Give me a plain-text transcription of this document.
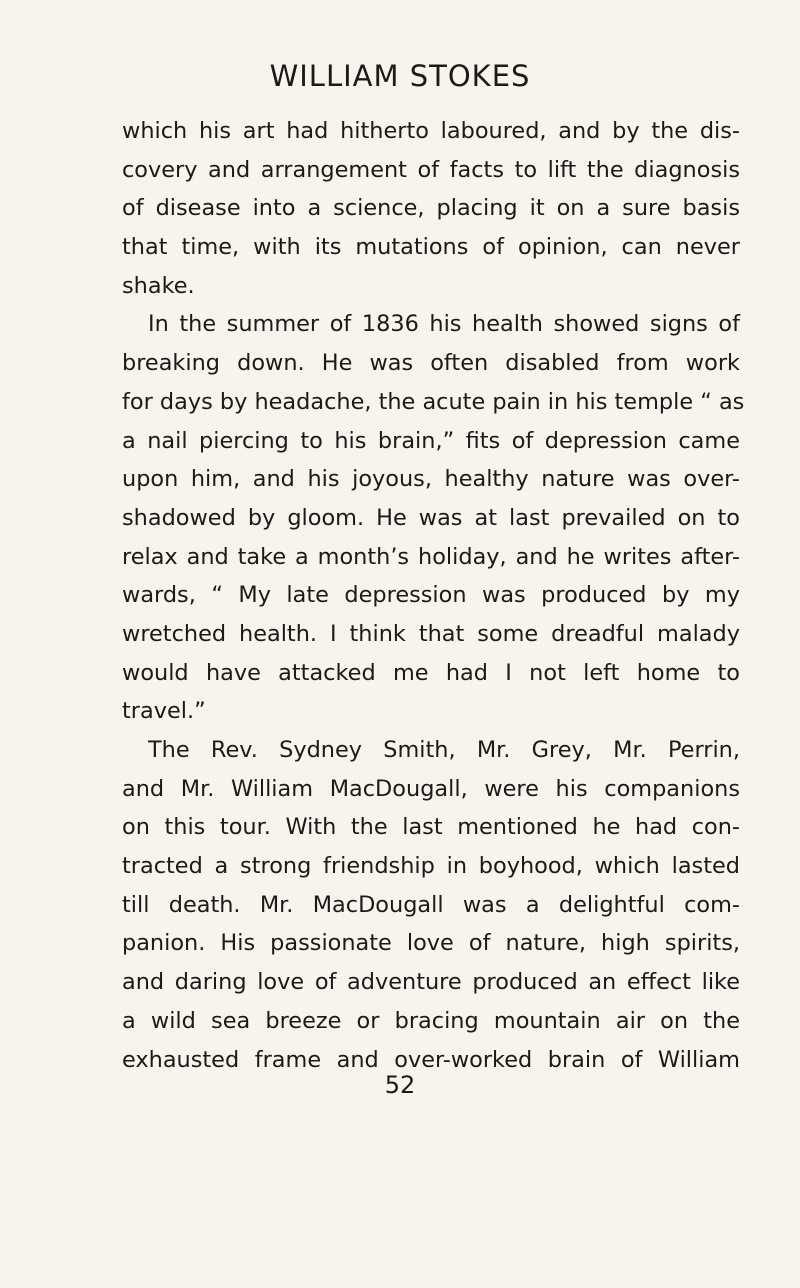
WILLIAM STOKES
which his art had hitherto laboured, and by the dis-
covery and arrangement of facts to lift the diagnosis
of disease into a science, placing it on a sure basis
that time, with its mutations of opinion, can never
shake.
In the summer of 1836 his health showed signs of
breaking down. He was often disabled from work
for days by headache, the acute pain in his temple “ as
a nail piercing to his brain,” fits of depression came
upon him, and his joyous, healthy nature was over-
shadowed by gloom. He was at last prevailed on to
relax and take a month’s holiday, and he writes after-
wards, “ My late depression was produced by my
wretched health. I think that some dreadful malady
would have attacked me had I not left home to
travel.”
The Rev. Sydney Smith, Mr. Grey, Mr. Perrin,
and Mr. William MacDougall, were his companions
on this tour. With the last mentioned he had con-
tracted a strong friendship in boyhood, which lasted
till death. Mr. MacDougall was a delightful com-
panion. His passionate love of nature, high spirits,
and daring love of adventure produced an effect like
a wild sea breeze or bracing mountain air on the
exhausted frame and over-worked brain of William
52
